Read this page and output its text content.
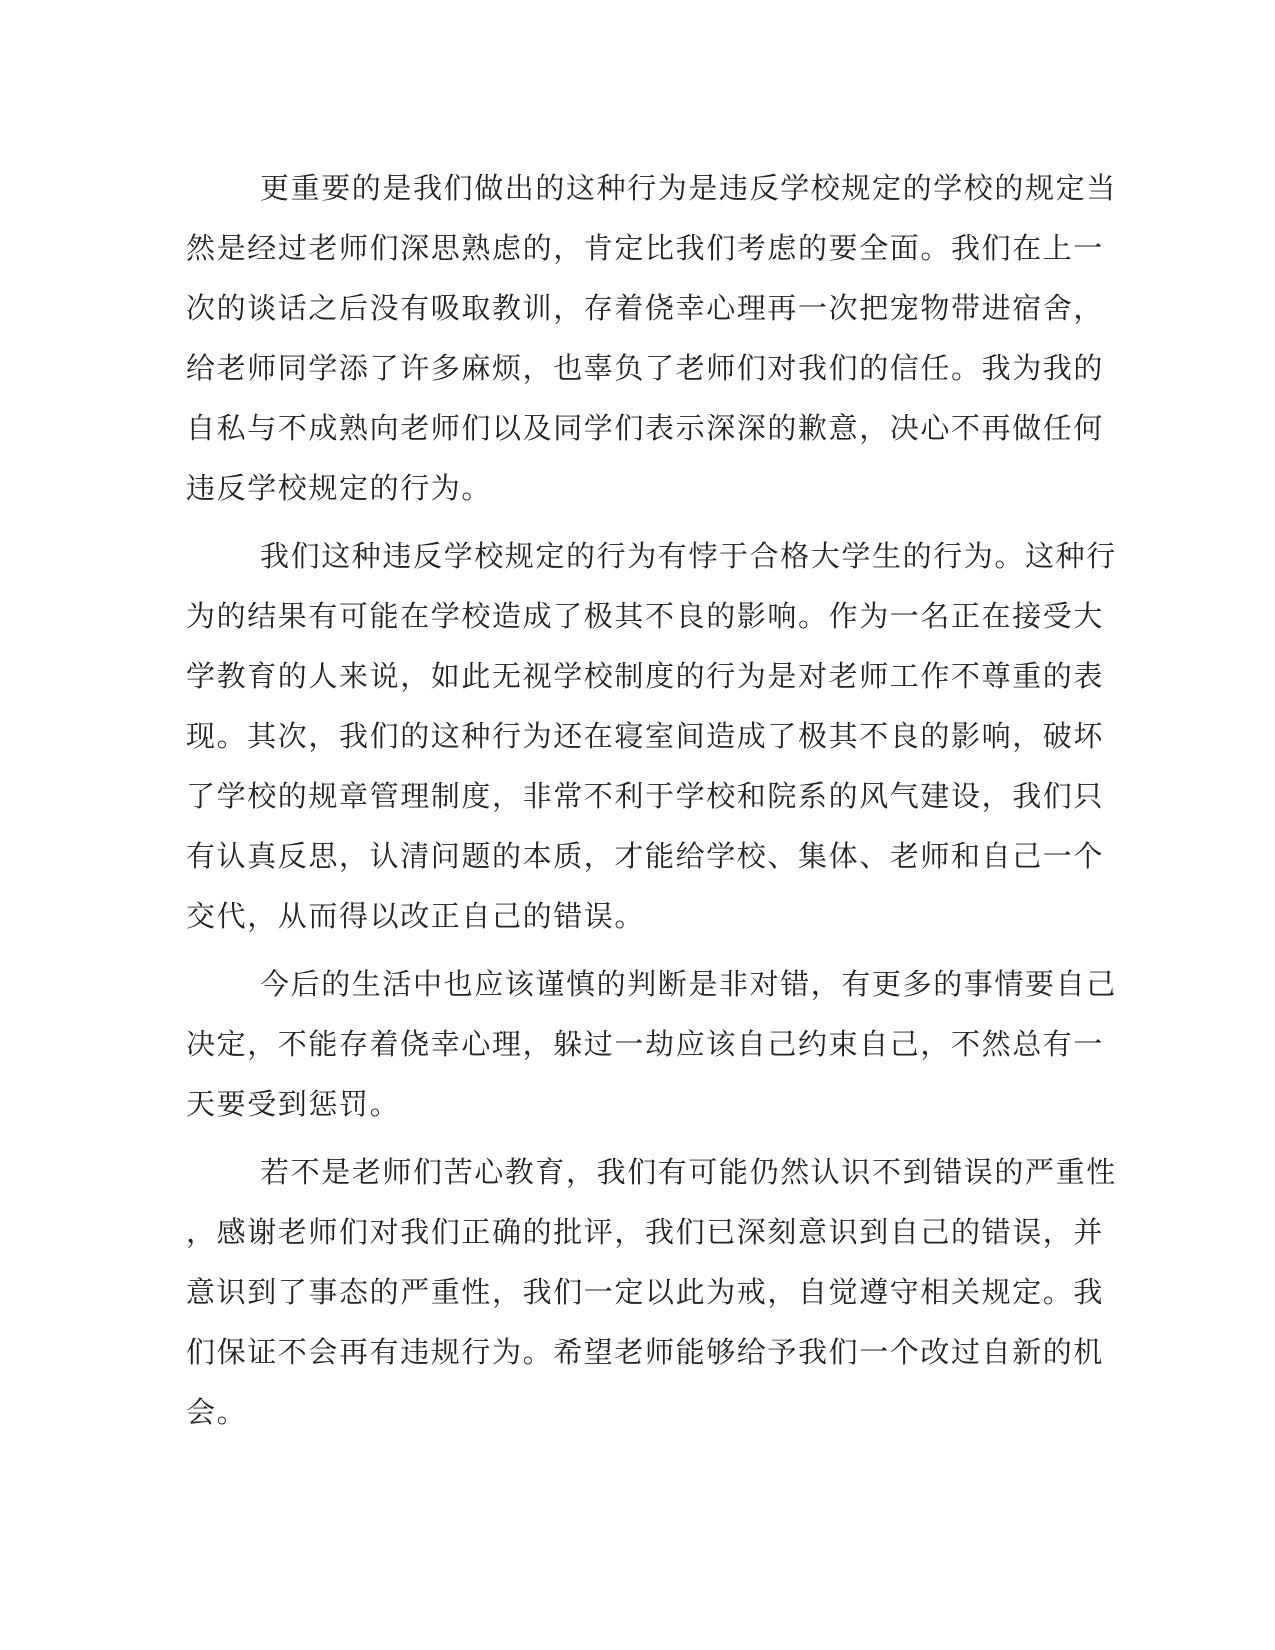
更重要的是我们做出的这种行为是违反学校规定的学校的规定当
然是经过老师们深思熟虑的，肯定比我们考虑的要全面。我们在上一
次的谈话之后没有吸取教训，存着侥幸心理再一次把宠物带进宿舍，
给老师同学添了许多麻烦，也辜负了老师们对我们的信任。我为我的
自私与不成熟向老师们以及同学们表示深深的歉意，决心不再做任何
违反学校规定的行为。

我们这种违反学校规定的行为有悖于合格大学生的行为。这种行
为的结果有可能在学校造成了极其不良的影响。作为一名正在接受大
学教育的人来说，如此无视学校制度的行为是对老师工作不尊重的表
现。其次，我们的这种行为还在寝室间造成了极其不良的影响，破坏
了学校的规章管理制度，非常不利于学校和院系的风气建设，我们只
有认真反思，认清问题的本质，才能给学校、集体、老师和自己一个
交代，从而得以改正自己的错误。

今后的生活中也应该谨慎的判断是非对错，有更多的事情要自己
决定，不能存着侥幸心理，躲过一劫应该自己约束自己，不然总有一
天要受到惩罚。

若不是老师们苦心教育，我们有可能仍然认识不到错误的严重性
，感谢老师们对我们正确的批评，我们已深刻意识到自己的错误，并
意识到了事态的严重性，我们一定以此为戒，自觉遵守相关规定。我
们保证不会再有违规行为。希望老师能够给予我们一个改过自新的机
会。
